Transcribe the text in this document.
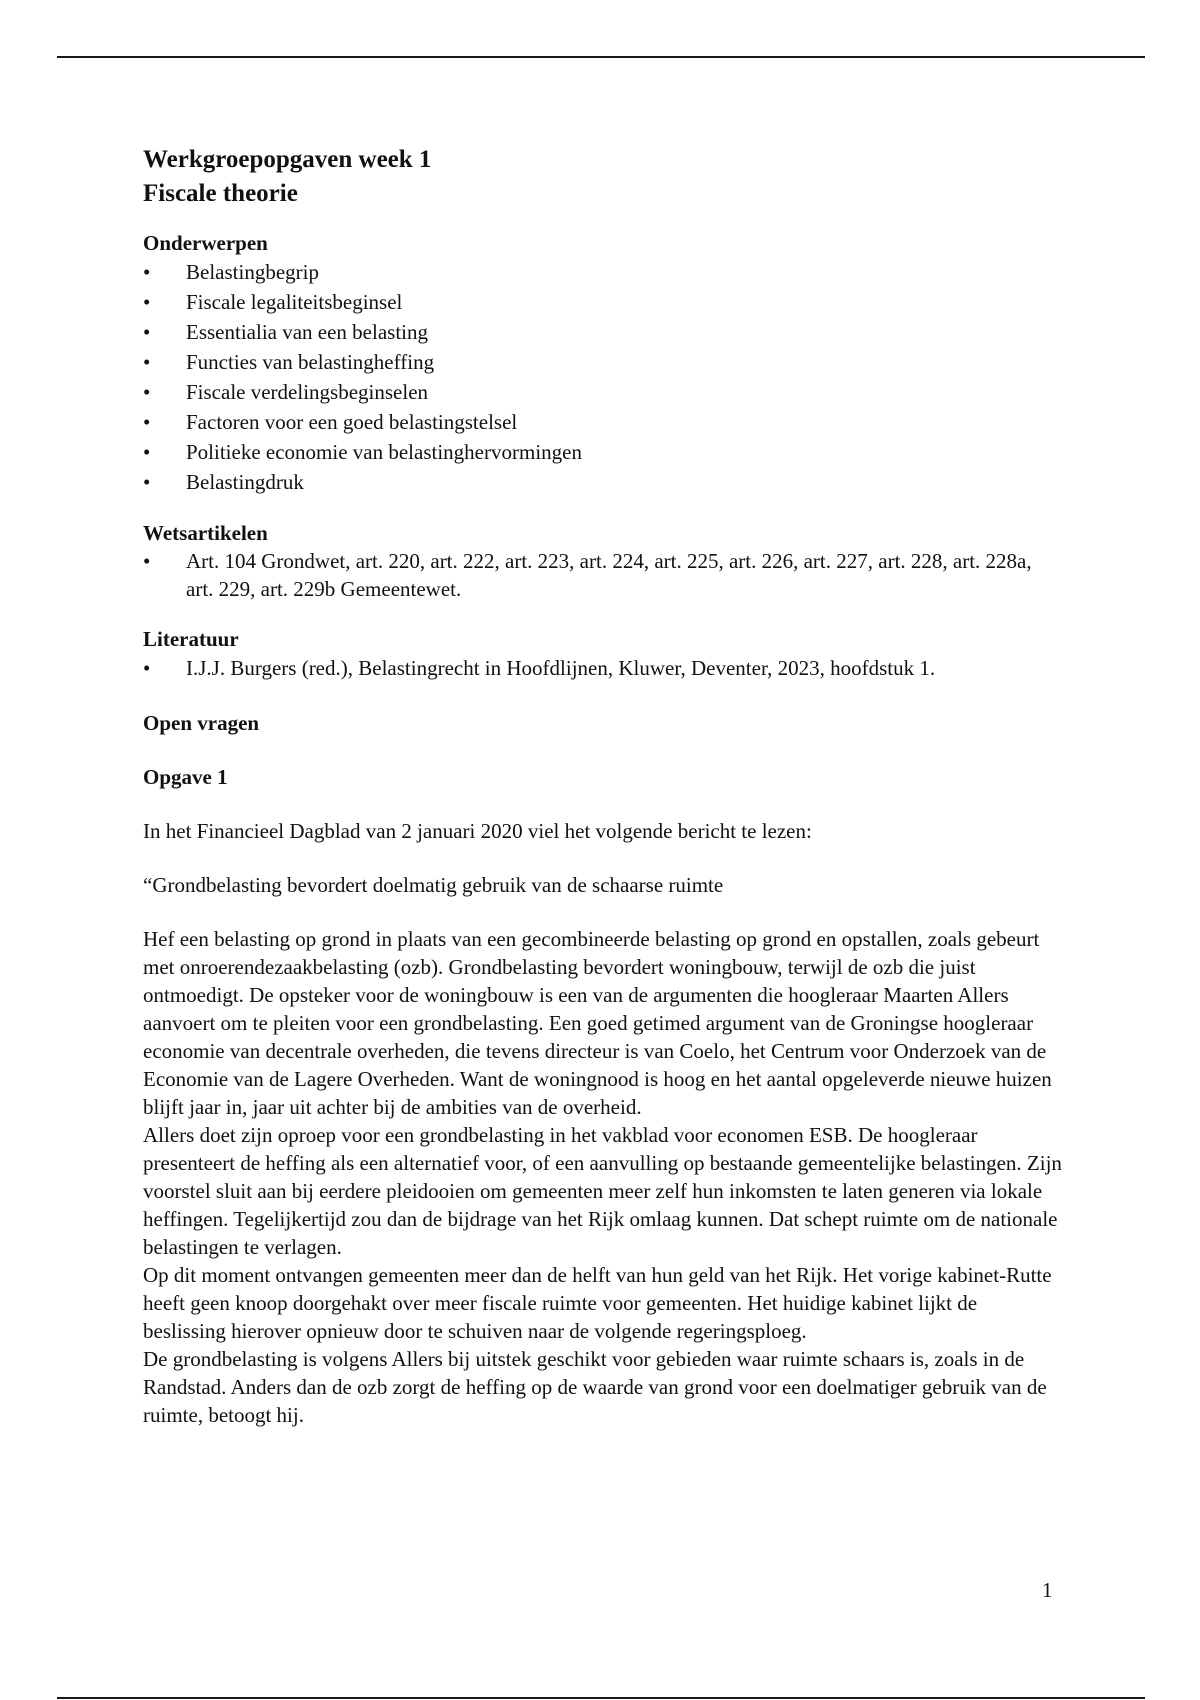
Werkgroepopgaven week 1
Fiscale theorie
Onderwerpen
•	Belastingbegrip
•	Fiscale legaliteitsbeginsel
•	Essentialia van een belasting
•	Functies van belastingheffing
•	Fiscale verdelingsbeginselen
•	Factoren voor een goed belastingstelsel
•	Politieke economie van belastinghervormingen
•	Belastingdruk
Wetsartikelen
•	Art. 104 Grondwet, art. 220, art. 222, art. 223, art. 224, art. 225, art. 226, art. 227, art. 228, art. 228a, art. 229, art. 229b Gemeentewet.
Literatuur
•	I.J.J. Burgers (red.), Belastingrecht in Hoofdlijnen, Kluwer, Deventer, 2023, hoofdstuk 1.
Open vragen
Opgave 1

In het Financieel Dagblad van 2 januari 2020 viel het volgende bericht te lezen:

“Grondbelasting bevordert doelmatig gebruik van de schaarse ruimte

Hef een belasting op grond in plaats van een gecombineerde belasting op grond en opstallen, zoals gebeurt met onroerendezaakbelasting (ozb). Grondbelasting bevordert woningbouw, terwijl de ozb die juist ontmoedigt. De opsteker voor de woningbouw is een van de argumenten die hoogleraar Maarten Allers aanvoert om te pleiten voor een grondbelasting. Een goed getimed argument van de Groningse hoogleraar economie van decentrale overheden, die tevens directeur is van Coelo, het Centrum voor Onderzoek van de Economie van de Lagere Overheden. Want de woningnood is hoog en het aantal opgeleverde nieuwe huizen blijft jaar in, jaar uit achter bij de ambities van de overheid.

Allers doet zijn oproep voor een grondbelasting in het vakblad voor economen ESB. De hoogleraar presenteert de heffing als een alternatief voor, of een aanvulling op bestaande gemeentelijke belastingen. Zijn voorstel sluit aan bij eerdere pleidooien om gemeenten meer zelf hun inkomsten te laten generen via lokale heffingen. Tegelijkertijd zou dan de bijdrage van het Rijk omlaag kunnen. Dat schept ruimte om de nationale belastingen te verlagen.

Op dit moment ontvangen gemeenten meer dan de helft van hun geld van het Rijk. Het vorige kabinet-Rutte heeft geen knoop doorgehakt over meer fiscale ruimte voor gemeenten. Het huidige kabinet lijkt de beslissing hierover opnieuw door te schuiven naar de volgende regeringsploeg.

De grondbelasting is volgens Allers bij uitstek geschikt voor gebieden waar ruimte schaars is, zoals in de Randstad. Anders dan de ozb zorgt de heffing op de waarde van grond voor een doelmatiger gebruik van de ruimte, betoogt hij.

1
